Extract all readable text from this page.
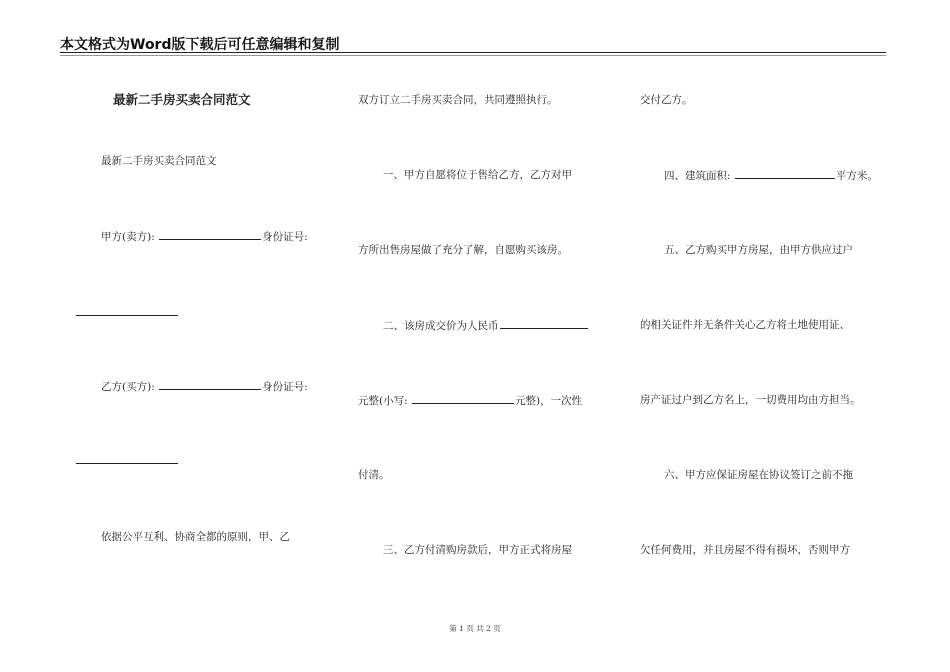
本文格式为Word版下载后可任意编辑和复制
最新二手房买卖合同范文
最新二手房买卖合同范文
甲方(卖方):	身份证号:
乙方(买方):	身份证号:
依据公平互利、协商全都的原则，甲、乙
双方订立二手房买卖合同，共同遵照执行。
一、甲方自愿将位于售给乙方，乙方对甲
方所出售房屋做了充分了解，自愿购买该房。
二、该房成交价为人民币
元整(小写:	元整)，一次性
付清。
三、乙方付清购房款后，甲方正式将房屋
交付乙方。
四、建筑面积:	平方米。
五、乙方购买甲方房屋，由甲方供应过户
的相关证件并无条件关心乙方将土地使用证、
房产证过户到乙方名上，一切费用均由方担当。
六、甲方应保证房屋在协议签订之前不拖
欠任何费用，并且房屋不得有损坏，否则甲方
第 1 页 共 2 页
